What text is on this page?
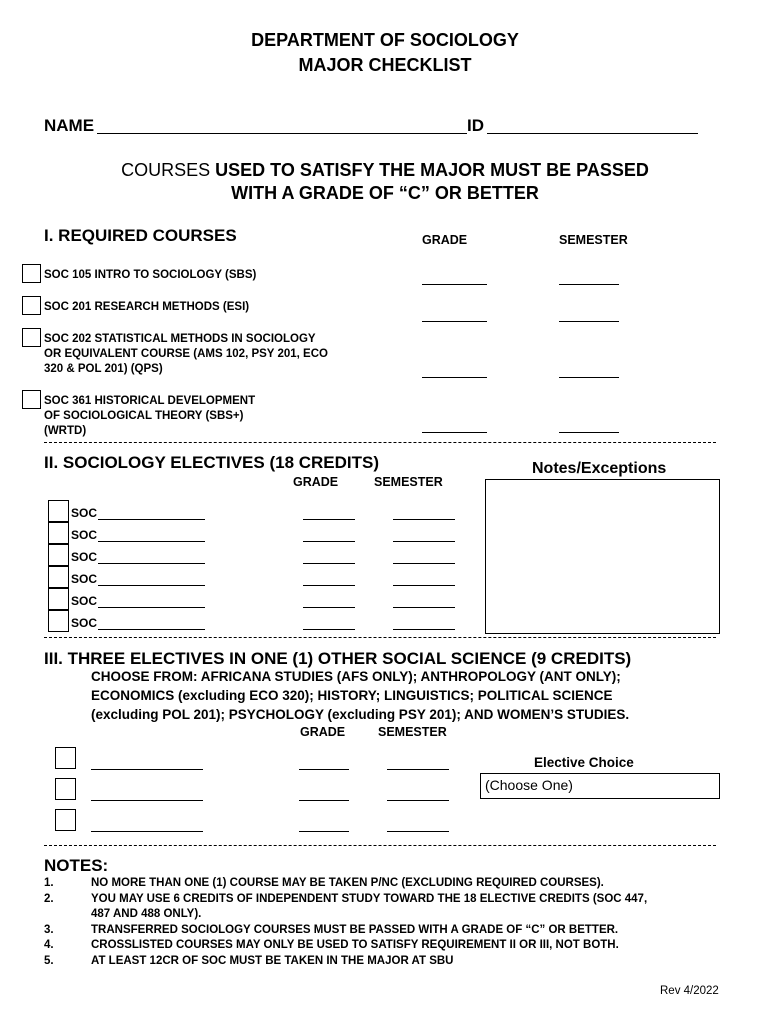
DEPARTMENT OF SOCIOLOGY
MAJOR CHECKLIST
NAME	ID
COURSES USED TO SATISFY THE MAJOR MUST BE PASSED
WITH A GRADE OF “C” OR BETTER
I. REQUIRED COURSES	GRADE	SEMESTER
SOC 105 INTRO TO SOCIOLOGY (SBS)
SOC 201 RESEARCH METHODS (ESI)
SOC 202 STATISTICAL METHODS IN SOCIOLOGY
OR EQUIVALENT COURSE (AMS 102, PSY 201, ECO
320 & POL 201) (QPS)
SOC 361 HISTORICAL DEVELOPMENT
OF SOCIOLOGICAL THEORY (SBS+)
(WRTD)
II. SOCIOLOGY ELECTIVES (18 CREDITS)
GRADE	SEMESTER
Notes/Exceptions
SOC
SOC
SOC
SOC
SOC
SOC
III. THREE ELECTIVES IN ONE (1) OTHER SOCIAL SCIENCE (9 CREDITS)
CHOOSE FROM: AFRICANA STUDIES (AFS ONLY); ANTHROPOLOGY (ANT ONLY);
ECONOMICS (excluding ECO 320); HISTORY; LINGUISTICS; POLITICAL SCIENCE
(excluding POL 201); PSYCHOLOGY (excluding PSY 201); AND WOMEN’S STUDIES.
GRADE	SEMESTER
Elective Choice
(Choose One)
NOTES:
1.	NO MORE THAN ONE (1) COURSE MAY BE TAKEN P/NC (EXCLUDING REQUIRED COURSES).
2.	YOU MAY USE 6 CREDITS OF INDEPENDENT STUDY TOWARD THE 18 ELECTIVE CREDITS (SOC 447,
487 AND 488 ONLY).
3.	TRANSFERRED SOCIOLOGY COURSES MUST BE PASSED WITH A GRADE OF “C” OR BETTER.
4.	CROSSLISTED COURSES MAY ONLY BE USED TO SATISFY REQUIREMENT II OR III, NOT BOTH.
5.	AT LEAST 12CR OF SOC MUST BE TAKEN IN THE MAJOR AT SBU
Rev 4/2022
